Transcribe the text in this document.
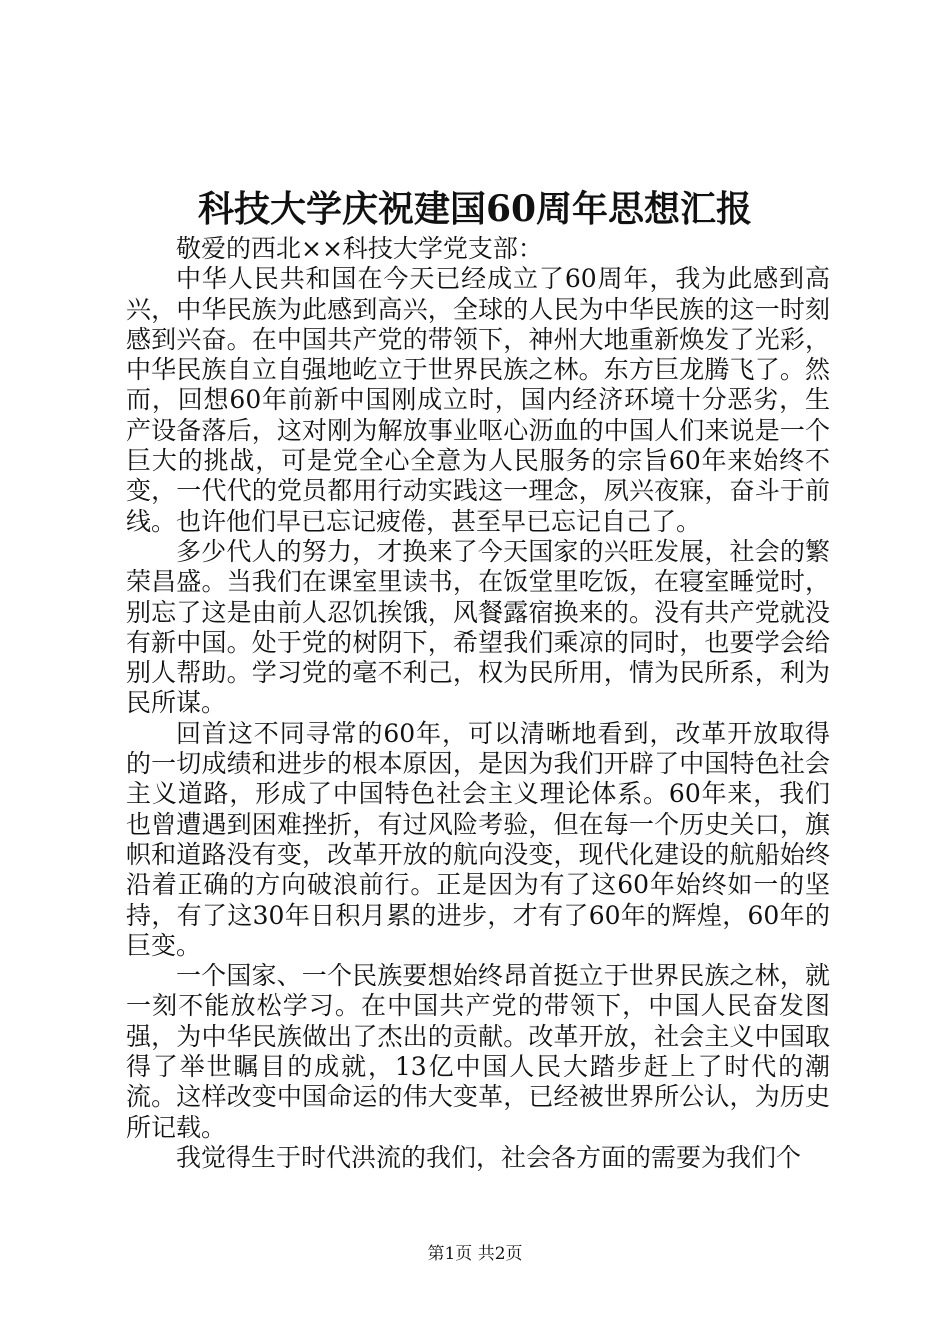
科技大学庆祝建国60周年思想汇报

敬爱的西北××科技大学党支部：

中华人民共和国在今天已经成立了60周年，我为此感到高兴，中华民族为此感到高兴，全球的人民为中华民族的这一时刻感到兴奋。在中国共产党的带领下，神州大地重新焕发了光彩，中华民族自立自强地屹立于世界民族之林。东方巨龙腾飞了。然而，回想60年前新中国刚成立时，国内经济环境十分恶劣，生产设备落后，这对刚为解放事业呕心沥血的中国人们来说是一个巨大的挑战，可是党全心全意为人民服务的宗旨60年来始终不变，一代代的党员都用行动实践这一理念，夙兴夜寐，奋斗于前线。也许他们早已忘记疲倦，甚至早已忘记自己了。

多少代人的努力，才换来了今天国家的兴旺发展，社会的繁荣昌盛。当我们在课室里读书，在饭堂里吃饭，在寝室睡觉时，别忘了这是由前人忍饥挨饿，风餐露宿换来的。没有共产党就没有新中国。处于党的树阴下，希望我们乘凉的同时，也要学会给别人帮助。学习党的毫不利己，权为民所用，情为民所系，利为民所谋。

回首这不同寻常的60年，可以清晰地看到，改革开放取得的一切成绩和进步的根本原因，是因为我们开辟了中国特色社会主义道路，形成了中国特色社会主义理论体系。60年来，我们也曾遭遇到困难挫折，有过风险考验，但在每一个历史关口，旗帜和道路没有变，改革开放的航向没变，现代化建设的航船始终沿着正确的方向破浪前行。正是因为有了这60年始终如一的坚持，有了这30年日积月累的进步，才有了60年的辉煌，60年的巨变。

一个国家、一个民族要想始终昂首挺立于世界民族之林，就一刻不能放松学习。在中国共产党的带领下，中国人民奋发图强，为中华民族做出了杰出的贡献。改革开放，社会主义中国取得了举世瞩目的成就，13亿中国人民大踏步赶上了时代的潮流。这样改变中国命运的伟大变革，已经被世界所公认，为历史所记载。

我觉得生于时代洪流的我们，社会各方面的需要为我们个

第1页 共2页
